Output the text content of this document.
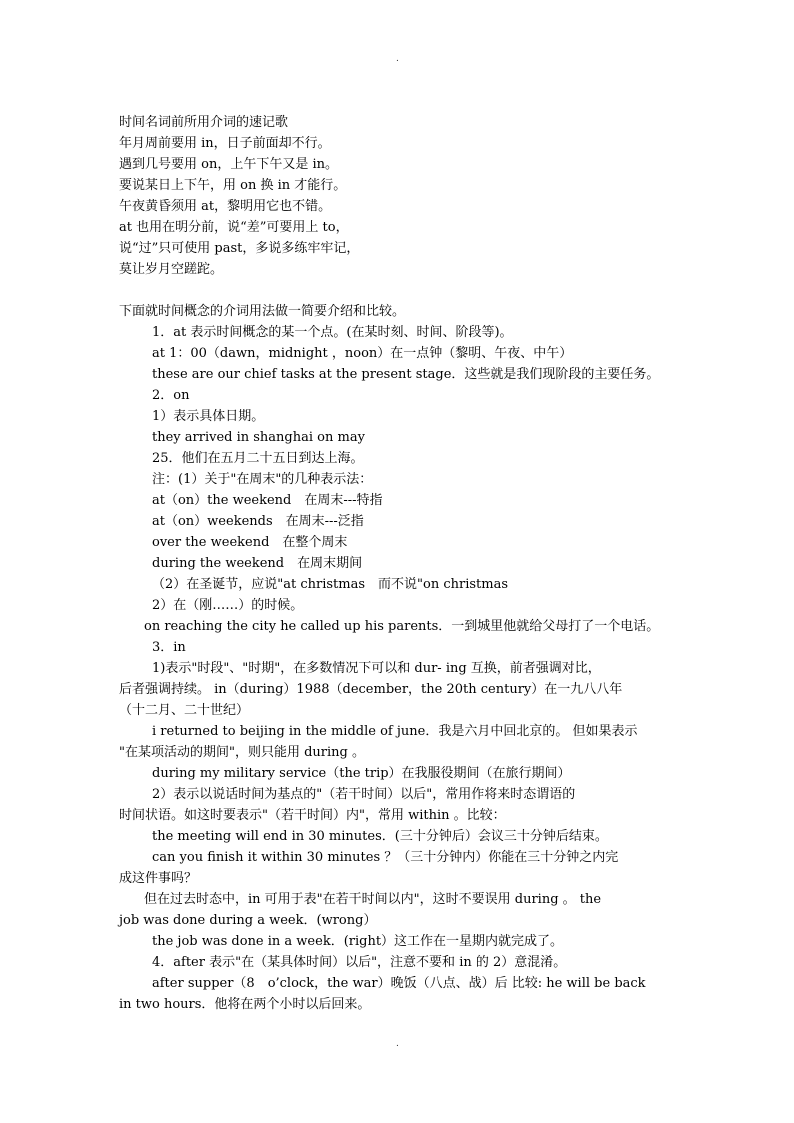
.
时间名词前所用介词的速记歌
年月周前要用 in，日子前面却不行。
遇到几号要用 on，上午下午又是 in。
要说某日上下午，用 on 换 in 才能行。
午夜黄昏须用 at，黎明用它也不错。
at 也用在明分前，说“差”可要用上 to，
说“过”只可使用 past，多说多练牢牢记，
莫让岁月空蹉跎。
下面就时间概念的介词用法做一简要介绍和比较。
1．at 表示时间概念的某一个点。(在某时刻、时间、阶段等)。
at 1：00（dawn，midnight ，noon）在一点钟（黎明、午夜、中午）
these are our chief tasks at the present stage．这些就是我们现阶段的主要任务。
2．on
1）表示具体日期。
they arrived in shanghai on may
25．他们在五月二十五日到达上海。
注：(1）关于"在周末"的几种表示法：
at（on）the weekend　在周末---特指
at（on）weekends　在周末---泛指
over the weekend　在整个周末
during the weekend　在周末期间
（2）在圣诞节，应说"at christmas　而不说"on christmas
2）在（刚……）的时候。
on reaching the city he called up his parents．一到城里他就给父母打了一个电话。
3．in
1)表示"时段"、"时期"，在多数情况下可以和 dur- ing 互换，前者强调对比，
后者强调持续。 in（during）1988（december，the 20th century）在一九八八年
（十二月、二十世纪）
i returned to beijing in the middle of june．我是六月中回北京的。 但如果表示
"在某项活动的期间"，则只能用 during 。
during my military service（the trip）在我服役期间（在旅行期间）
2）表示以说话时间为基点的"（若干时间）以后"，常用作将来时态谓语的
时间状语。如这时要表示"（若干时间）内"，常用 within 。比较：
the meeting will end in 30 minutes．(三十分钟后）会议三十分钟后结束。
can you finish it within 30 minutes ？（三十分钟内）你能在三十分钟之内完
成这件事吗？
但在过去时态中，in 可用于表"在若干时间以内"，这时不要误用 during 。 the
job was done during a week．(wrong）
the job was done in a week．(right）这工作在一星期内就完成了。
4．after 表示"在（某具体时间）以后"，注意不要和 in 的 2）意混淆。
after supper（8　o’clock，the war）晚饭（八点、战）后 比较: he will be back
in two hours．他将在两个小时以后回来。
.
